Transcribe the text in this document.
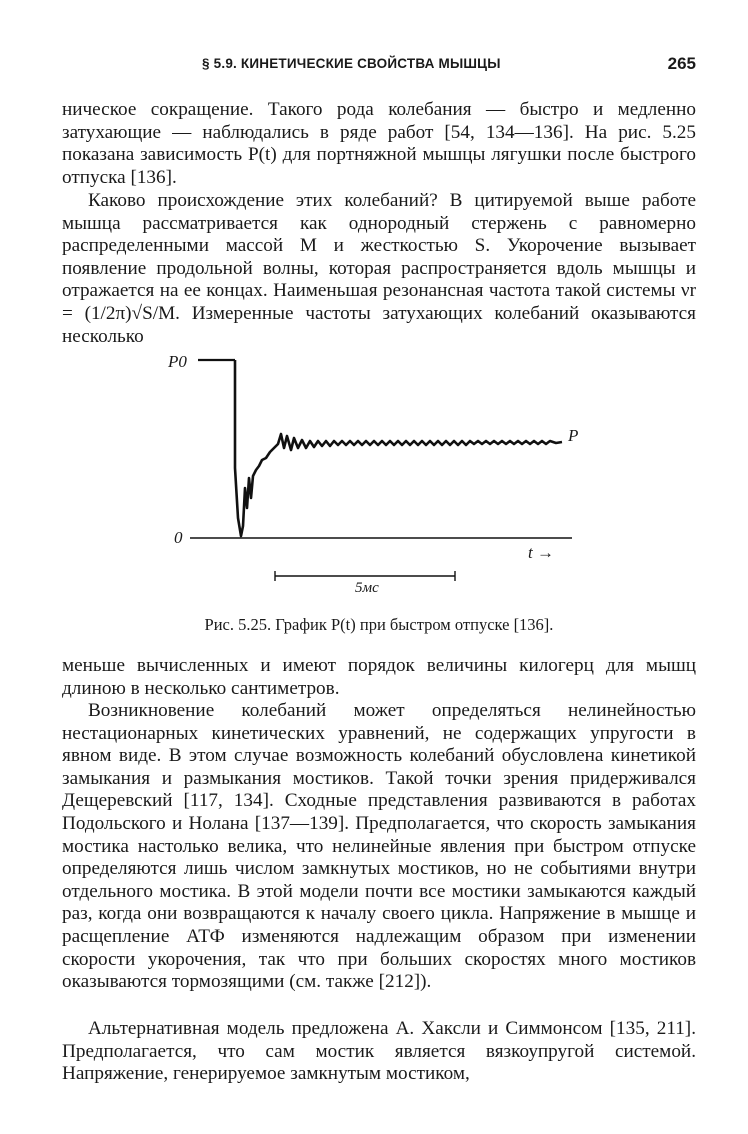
§ 5.9. КИНЕТИЧЕСКИЕ СВОЙСТВА МЫШЦЫ	265

ническое сокращение. Такого рода колебания — быстро и медленно затухающие — наблюдались в ряде работ [54, 134—136]. На рис. 5.25 показана зависимость P(t) для портняжной мышцы лягушки после быстрого отпуска [136].

Каково происхождение этих колебаний? В цитируемой выше работе мышца рассматривается как однородный стержень с равномерно распределенными массой M и жесткостью S. Укорочение вызывает появление продольной волны, которая распространяется вдоль мышцы и отражается на ее концах. Наименьшая резонансная частота такой системы νr = (1/2π)√S/M. Измеренные частоты затухающих колебаний оказываются несколько

P0
0
P
t →
5мс
Рис. 5.25. График P(t) при быстром отпуске [136].

меньше вычисленных и имеют порядок величины килогерц для мышц длиною в несколько сантиметров.

Возникновение колебаний может определяться нелинейностью нестационарных кинетических уравнений, не содержащих упругости в явном виде. В этом случае возможность колебаний обусловлена кинетикой замыкания и размыкания мостиков. Такой точки зрения придерживался Дещеревский [117, 134]. Сходные представления развиваются в работах Подольского и Нолана [137—139]. Предполагается, что скорость замыкания мостика настолько велика, что нелинейные явления при быстром отпуске определяются лишь числом замкнутых мостиков, но не событиями внутри отдельного мостика. В этой модели почти все мостики замыкаются каждый раз, когда они возвращаются к началу своего цикла. Напряжение в мышце и расщепление АТФ изменяются надлежащим образом при изменении скорости укорочения, так что при больших скоростях много мостиков оказываются тормозящими (см. также [212]).

Альтернативная модель предложена А. Хаксли и Симмонсом [135, 211]. Предполагается, что сам мостик является вязкоупругой системой. Напряжение, генерируемое замкнутым мостиком,
